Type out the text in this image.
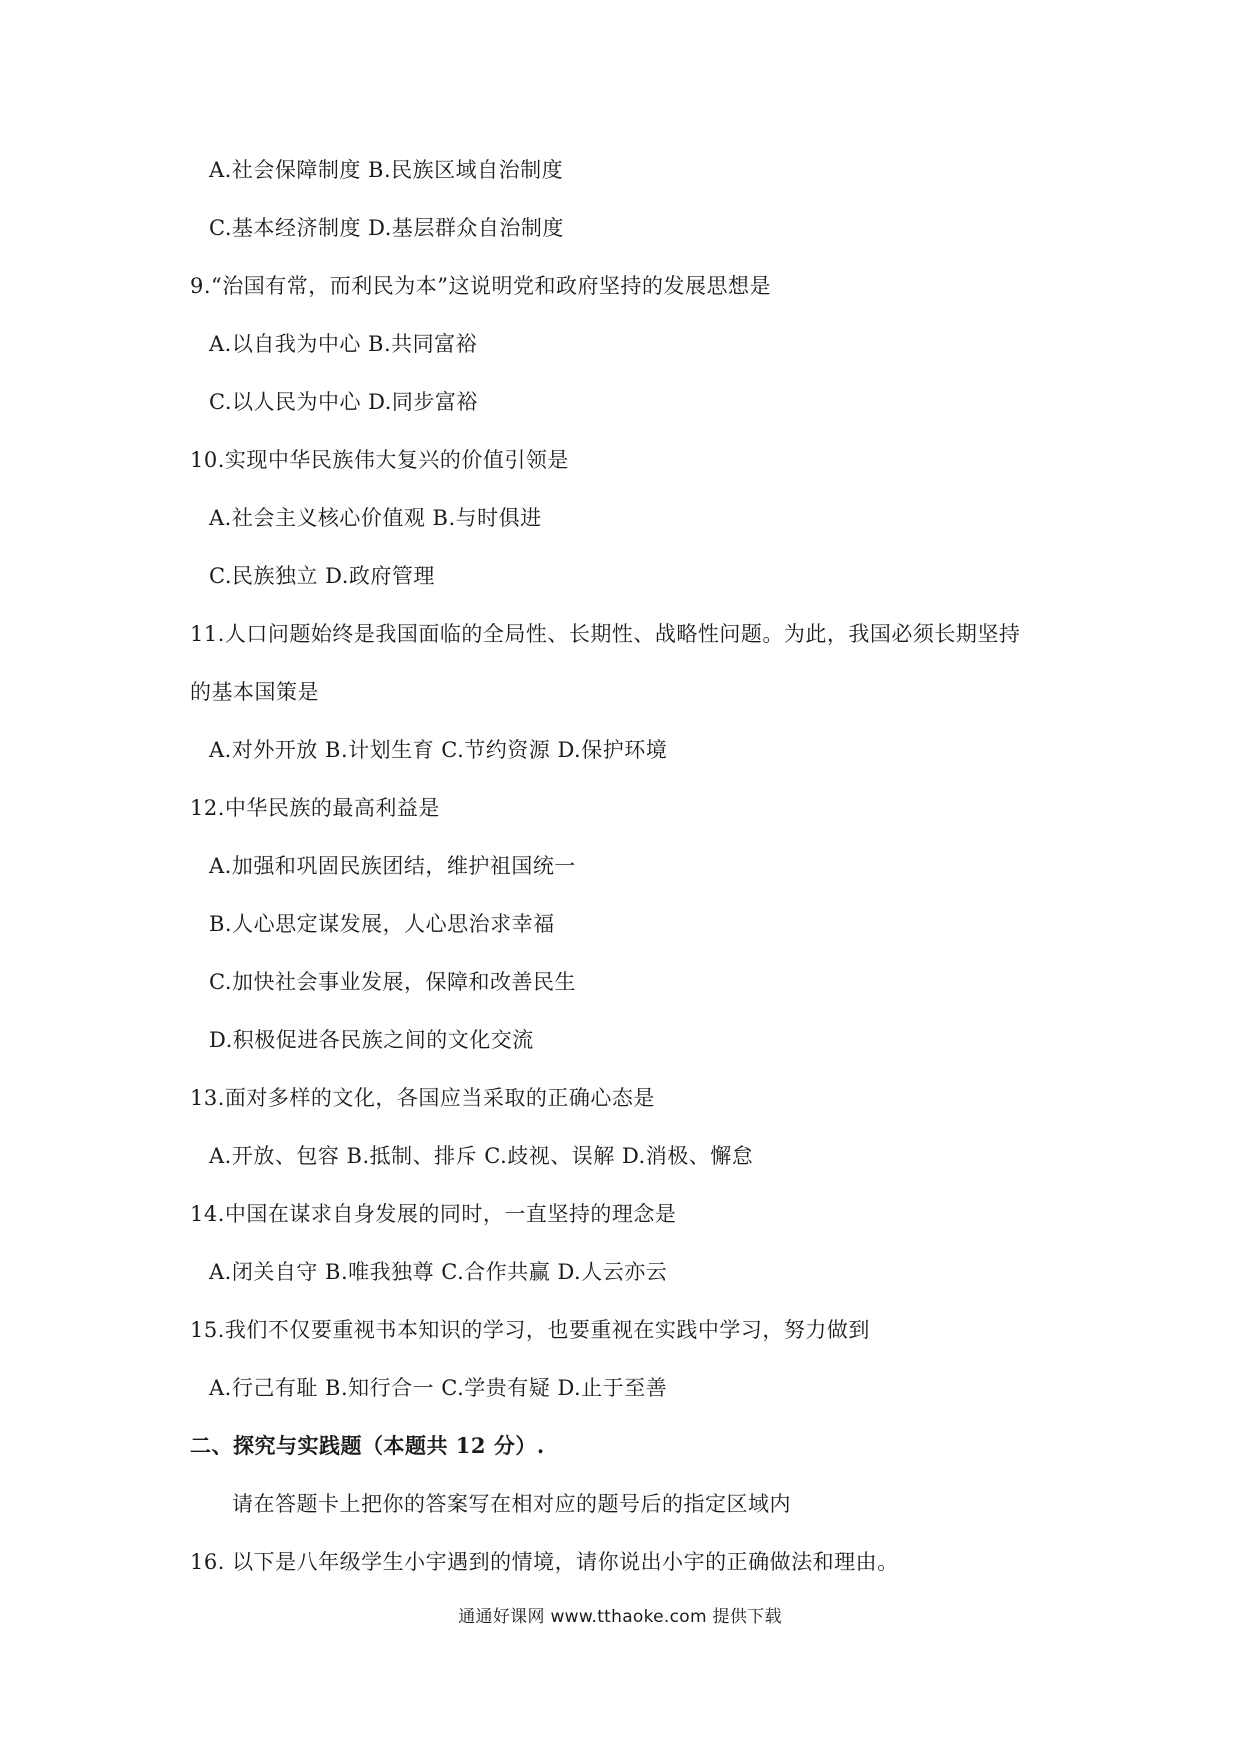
A.社会保障制度 B.民族区域自治制度
C.基本经济制度 D.基层群众自治制度
9.“治国有常，而利民为本”这说明党和政府坚持的发展思想是
A.以自我为中心 B.共同富裕
C.以人民为中心 D.同步富裕
10.实现中华民族伟大复兴的价值引领是
A.社会主义核心价值观 B.与时俱进
C.民族独立 D.政府管理
11.人口问题始终是我国面临的全局性、长期性、战略性问题。为此，我国必须长期坚持
的基本国策是
A.对外开放 B.计划生育 C.节约资源 D.保护环境
12.中华民族的最高利益是
A.加强和巩固民族团结，维护祖国统一
B.人心思定谋发展，人心思治求幸福
C.加快社会事业发展，保障和改善民生
D.积极促进各民族之间的文化交流
13.面对多样的文化，各国应当采取的正确心态是
A.开放、包容 B.抵制、排斥 C.歧视、误解 D.消极、懈怠
14.中国在谋求自身发展的同时，一直坚持的理念是
A.闭关自守 B.唯我独尊 C.合作共赢 D.人云亦云
15.我们不仅要重视书本知识的学习，也要重视在实践中学习，努力做到
A.行己有耻 B.知行合一 C.学贵有疑 D.止于至善
二、探究与实践题（本题共 12 分）.
请在答题卡上把你的答案写在相对应的题号后的指定区域内
16. 以下是八年级学生小宇遇到的情境，请你说出小宇的正确做法和理由。
通通好课网 www.tthaoke.com 提供下载
